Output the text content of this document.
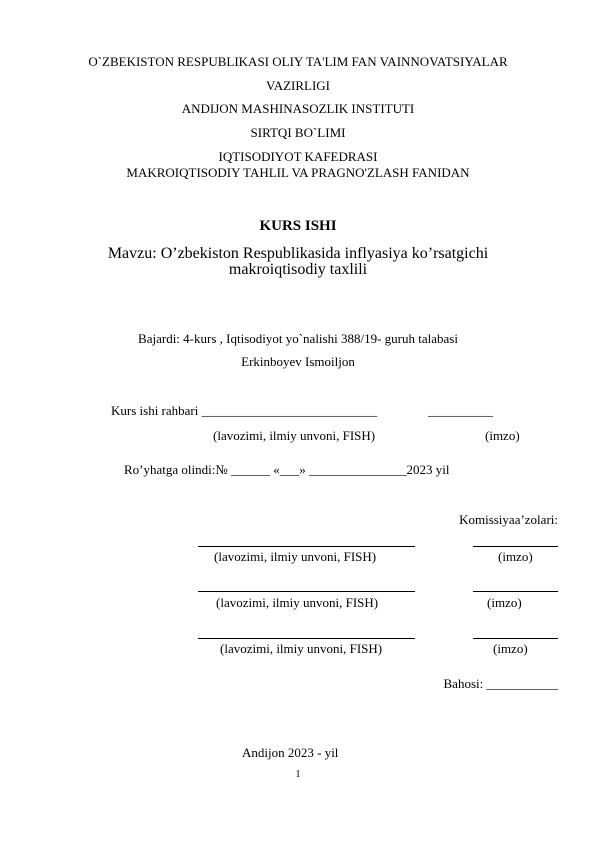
O`ZBEKISTON RESPUBLIKASI OLIY TA'LIM FAN VAINNOVATSIYALAR
VAZIRLIGI
ANDIJON MASHINASOZLIK INSTITUTI
SIRTQI BO`LIMI
IQTISODIYOT KAFEDRASI
MAKROIQTISODIY TAHLIL VA PRAGNO'ZLASH FANIDAN
KURS ISHI
Mavzu: O’zbekiston Respublikasida inflyasiya ko’rsatgichi
makroiqtisodiy taxlili
Bajardi: 4-kurs , Iqtisodiyot yo`nalishi 388/19- guruh talabasi
Erkinboyev Ismoiljon
Kurs ishi rahbari ___________________________	__________
(lavozimi, ilmiy unvoni, FISH)	(imzo)
Ro’yhatga olindi:№ ______ «___» _______________2023 yil
Komissiyaa’zolari:
(lavozimi, ilmiy unvoni, FISH)	(imzo)
(lavozimi, ilmiy unvoni, FISH)	(imzo)
(lavozimi, ilmiy unvoni, FISH)	(imzo)
Bahosi: ___________
Andijon 2023 - yil
1
